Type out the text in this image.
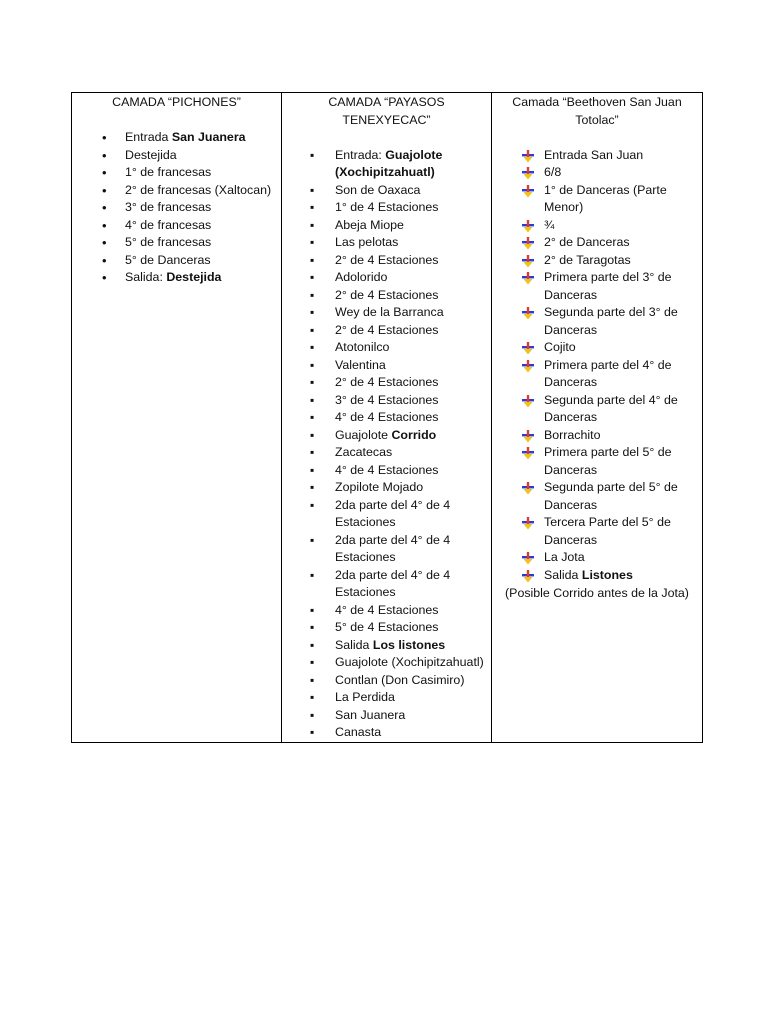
CAMADA “PICHONES”
• Entrada San Juanera
• Destejida
• 1° de francesas
• 2° de francesas (Xaltocan)
• 3° de francesas
• 4° de francesas
• 5° de francesas
• 5° de Danceras
• Salida: Destejida

CAMADA “PAYASOS TENEXYECAC”
▪ Entrada: Guajolote (Xochipitzahuatl)
▪ Son de Oaxaca
▪ 1° de 4 Estaciones
▪ Abeja Miope
▪ Las pelotas
▪ 2° de 4 Estaciones
▪ Adolorido
▪ 2° de 4 Estaciones
▪ Wey de la Barranca
▪ 2° de 4 Estaciones
▪ Atotonilco
▪ Valentina
▪ 2° de 4 Estaciones
▪ 3° de 4 Estaciones
▪ 4° de 4 Estaciones
▪ Guajolote Corrido
▪ Zacatecas
▪ 4° de 4 Estaciones
▪ Zopilote Mojado
▪ 2da parte del 4° de 4 Estaciones
▪ 2da parte del 4° de 4 Estaciones
▪ 2da parte del 4° de 4 Estaciones
▪ 4° de 4 Estaciones
▪ 5° de 4 Estaciones
▪ Salida Los listones
▪ Guajolote (Xochipitzahuatl)
▪ Contlan (Don Casimiro)
▪ La Perdida
▪ San Juanera
▪ Canasta

Camada “Beethoven San Juan Totolac”
Entrada San Juan
6/8
1° de Danceras (Parte Menor)
¾
2° de Danceras
2° de Taragotas
Primera parte del 3° de Danceras
Segunda parte del 3° de Danceras
Cojito
Primera parte del 4° de Danceras
Segunda parte del 4° de Danceras
Borrachito
Primera parte del 5° de Danceras
Segunda parte del 5° de Danceras
Tercera Parte del 5° de Danceras
La Jota
Salida Listones
(Posible Corrido antes de la Jota)
